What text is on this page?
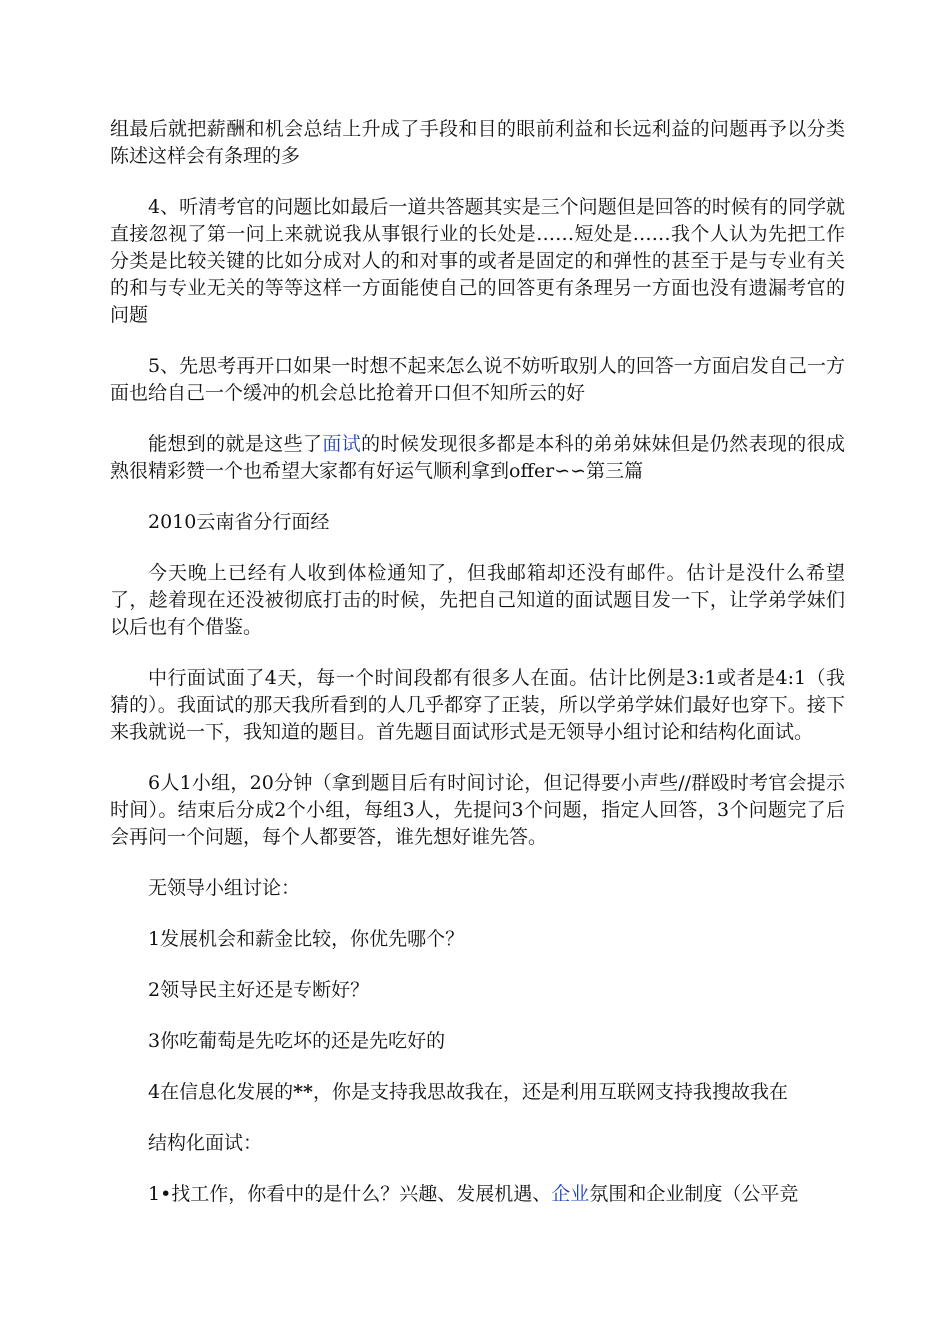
组最后就把薪酬和机会总结上升成了手段和目的眼前利益和长远利益的问题再予以分类陈述这样会有条理的多

4、听清考官的问题比如最后一道共答题其实是三个问题但是回答的时候有的同学就直接忽视了第一问上来就说我从事银行业的长处是……短处是……我个人认为先把工作分类是比较关键的比如分成对人的和对事的或者是固定的和弹性的甚至于是与专业有关的和与专业无关的等等这样一方面能使自己的回答更有条理另一方面也没有遗漏考官的问题

5、先思考再开口如果一时想不起来怎么说不妨听取别人的回答一方面启发自己一方面也给自己一个缓冲的机会总比抢着开口但不知所云的好

能想到的就是这些了面试的时候发现很多都是本科的弟弟妹妹但是仍然表现的很成熟很精彩赞一个也希望大家都有好运气顺利拿到offer∽∽第三篇

2010云南省分行面经

今天晚上已经有人收到体检通知了，但我邮箱却还没有邮件。估计是没什么希望了，趁着现在还没被彻底打击的时候，先把自己知道的面试题目发一下，让学弟学妹们以后也有个借鉴。

中行面试面了4天，每一个时间段都有很多人在面。估计比例是3:1或者是4:1（我猜的）。我面试的那天我所看到的人几乎都穿了正装，所以学弟学妹们最好也穿下。接下来我就说一下，我知道的题目。首先题目面试形式是无领导小组讨论和结构化面试。

6人1小组，20分钟（拿到题目后有时间讨论，但记得要小声些//群殴时考官会提示时间）。结束后分成2个小组，每组3人，先提问3个问题，指定人回答，3个问题完了后会再问一个问题，每个人都要答，谁先想好谁先答。

无领导小组讨论：

1发展机会和薪金比较，你优先哪个？

2领导民主好还是专断好？

3你吃葡萄是先吃坏的还是先吃好的

4在信息化发展的**，你是支持我思故我在，还是利用互联网支持我搜故我在

结构化面试：

1•找工作，你看中的是什么？兴趣、发展机遇、企业氛围和企业制度（公平竞
